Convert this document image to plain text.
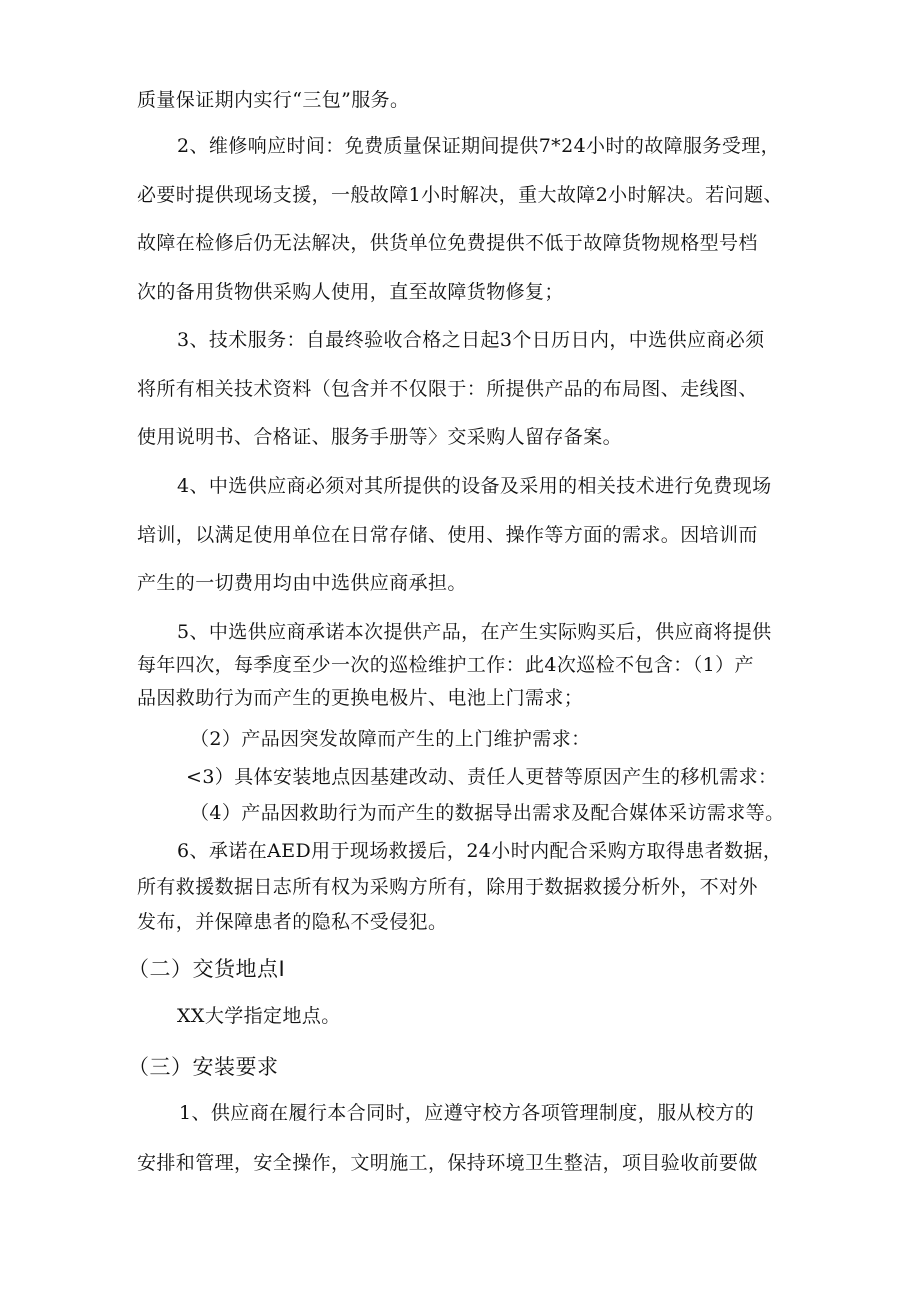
质量保证期内实行“三包”服务。
2、维修响应时间：免费质量保证期间提供7*24小时的故障服务受理，
必要时提供现场支援，一般故障1小时解决，重大故障2小时解决。若问题、
故障在检修后仍无法解决，供货单位免费提供不低于故障货物规格型号档
次的备用货物供采购人使用，直至故障货物修复；
3、技术服务：自最终验收合格之日起3个日历日内，中选供应商必须
将所有相关技术资料（包含并不仅限于：所提供产品的布局图、走线图、
使用说明书、合格证、服务手册等〉交采购人留存备案。
4、中选供应商必须对其所提供的设备及采用的相关技术进行免费现场
培训，以满足使用单位在日常存储、使用、操作等方面的需求。因培训而
产生的一切费用均由中选供应商承担。
5、中选供应商承诺本次提供产品，在产生实际购买后，供应商将提供
每年四次，每季度至少一次的巡检维护工作：此4次巡检不包含：（1）产
品因救助行为而产生的更换电极片、电池上门需求；
（2）产品因突发故障而产生的上门维护需求：
<3）具体安装地点因基建改动、责任人更替等原因产生的移机需求：
（4）产品因救助行为而产生的数据导出需求及配合媒体采访需求等。
6、承诺在AED用于现场救援后，24小时内配合采购方取得患者数据，
所有救援数据日志所有权为采购方所有，除用于数据救援分析外，不对外
发布，并保障患者的隐私不受侵犯。
（二）交货地点I
XX大学指定地点。
（三）安装要求
1、供应商在履行本合同时，应遵守校方各项管理制度，服从校方的
安排和管理，安全操作，文明施工，保持环境卫生整洁，项目验收前要做
